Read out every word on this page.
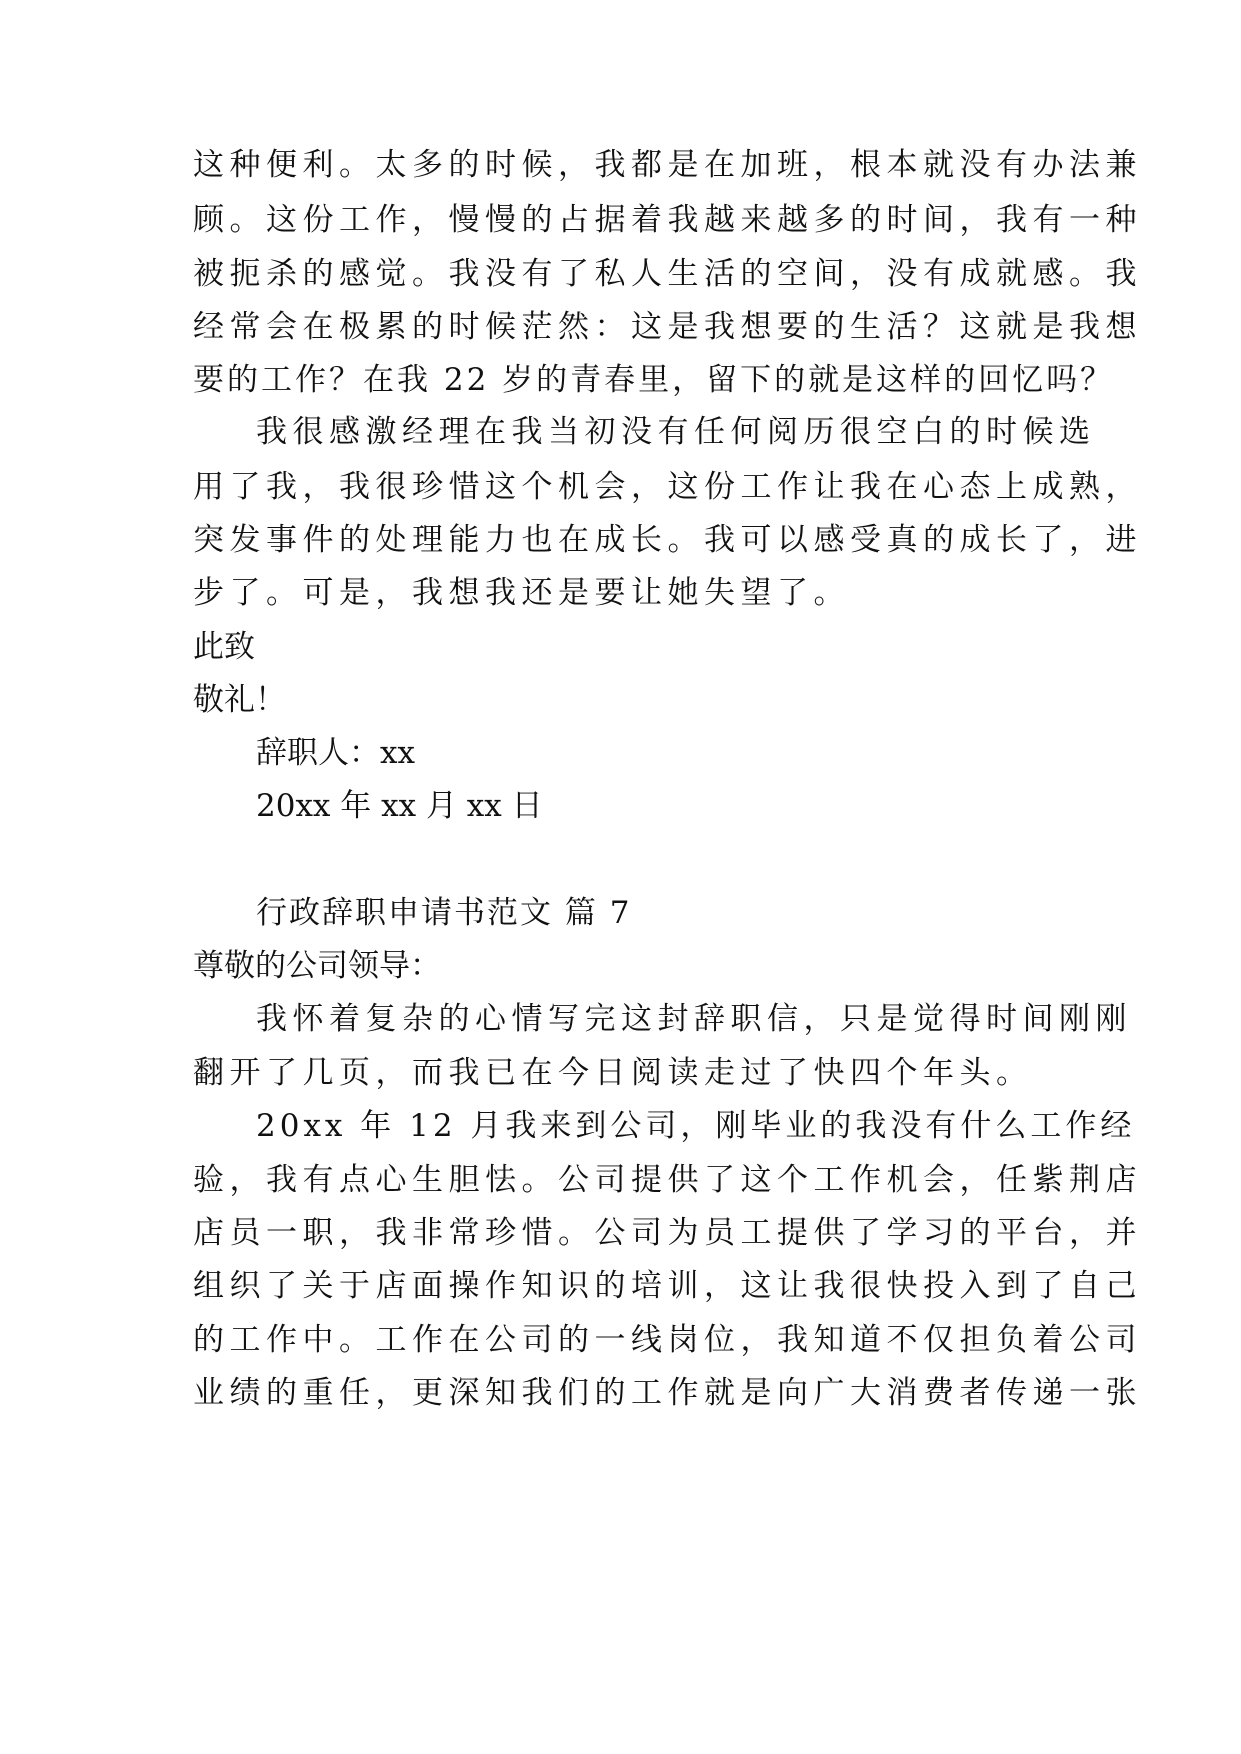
这种便利。太多的时候，我都是在加班，根本就没有办法兼
顾。这份工作，慢慢的占据着我越来越多的时间，我有一种
被扼杀的感觉。我没有了私人生活的空间，没有成就感。我
经常会在极累的时候茫然：这是我想要的生活？这就是我想
要的工作？在我 22 岁的青春里，留下的就是这样的回忆吗？
我很感激经理在我当初没有任何阅历很空白的时候选
用了我，我很珍惜这个机会，这份工作让我在心态上成熟，
突发事件的处理能力也在成长。我可以感受真的成长了，进
步了。可是，我想我还是要让她失望了。
此致
敬礼！
辞职人：xx
20xx 年 xx 月 xx 日
行政辞职申请书范文 篇 7
尊敬的公司领导：
我怀着复杂的心情写完这封辞职信，只是觉得时间刚刚
翻开了几页，而我已在今日阅读走过了快四个年头。
20xx 年 12 月我来到公司，刚毕业的我没有什么工作经
验，我有点心生胆怯。公司提供了这个工作机会，任紫荆店
店员一职，我非常珍惜。公司为员工提供了学习的平台，并
组织了关于店面操作知识的培训，这让我很快投入到了自己
的工作中。工作在公司的一线岗位，我知道不仅担负着公司
业绩的重任，更深知我们的工作就是向广大消费者传递一张
